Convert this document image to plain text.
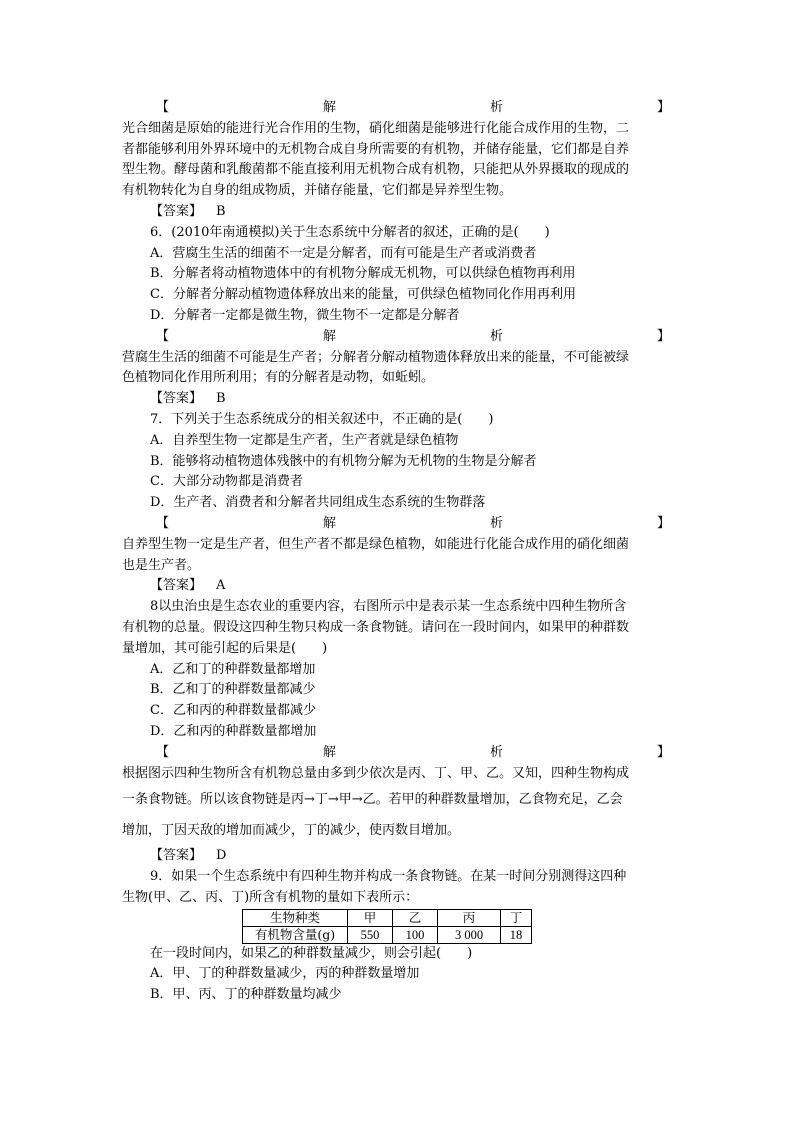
【	解	析	】
光合细菌是原始的能进行光合作用的生物，硝化细菌是能够进行化能合成作用的生物，二
者都能够利用外界环境中的无机物合成自身所需要的有机物，并储存能量，它们都是自养
型生物。酵母菌和乳酸菌都不能直接利用无机物合成有机物，只能把从外界摄取的现成的
有机物转化为自身的组成物质，并储存能量，它们都是异养型生物。
【答案】 B
6．(2010年南通模拟)关于生态系统中分解者的叙述，正确的是(　　)
A．营腐生生活的细菌不一定是分解者，而有可能是生产者或消费者
B．分解者将动植物遗体中的有机物分解成无机物，可以供绿色植物再利用
C．分解者分解动植物遗体释放出来的能量，可供绿色植物同化作用再利用
D．分解者一定都是微生物，微生物不一定都是分解者
【	解	析	】
营腐生生活的细菌不可能是生产者；分解者分解动植物遗体释放出来的能量，不可能被绿
色植物同化作用所利用；有的分解者是动物，如蚯蚓。
【答案】 B
7．下列关于生态系统成分的相关叙述中，不正确的是(　　)
A．自养型生物一定都是生产者，生产者就是绿色植物
B．能够将动植物遗体残骸中的有机物分解为无机物的生物是分解者
C．大部分动物都是消费者
D．生产者、消费者和分解者共同组成生态系统的生物群落
【	解	析	】
自养型生物一定是生产者，但生产者不都是绿色植物，如能进行化能合成作用的硝化细菌
也是生产者。
【答案】 A
8以虫治虫是生态农业的重要内容，右图所示中是表示某一生态系统中四种生物所含
有机物的总量。假设这四种生物只构成一条食物链。请问在一段时间内，如果甲的种群数
量增加，其可能引起的后果是(　　)
A．乙和丁的种群数量都增加
B．乙和丁的种群数量都减少
C．乙和丙的种群数量都减少
D．乙和丙的种群数量都增加
【	解	析	】
根据图示四种生物所含有机物总量由多到少依次是丙、丁、甲、乙。又知，四种生物构成
一条食物链。所以该食物链是丙→丁→甲→乙。若甲的种群数量增加，乙食物充足，乙会
增加，丁因天敌的增加而减少，丁的减少，使丙数目增加。
【答案】 D
9．如果一个生态系统中有四种生物并构成一条食物链。在某一时间分别测得这四种
生物(甲、乙、丙、丁)所含有机物的量如下表所示：
生物种类	甲	乙	丙	丁
有机物含量(g)	550	100	3 000	18
在一段时间内，如果乙的种群数量减少，则会引起(　　)
A．甲、丁的种群数量减少，丙的种群数量增加
B．甲、丙、丁的种群数量均减少
